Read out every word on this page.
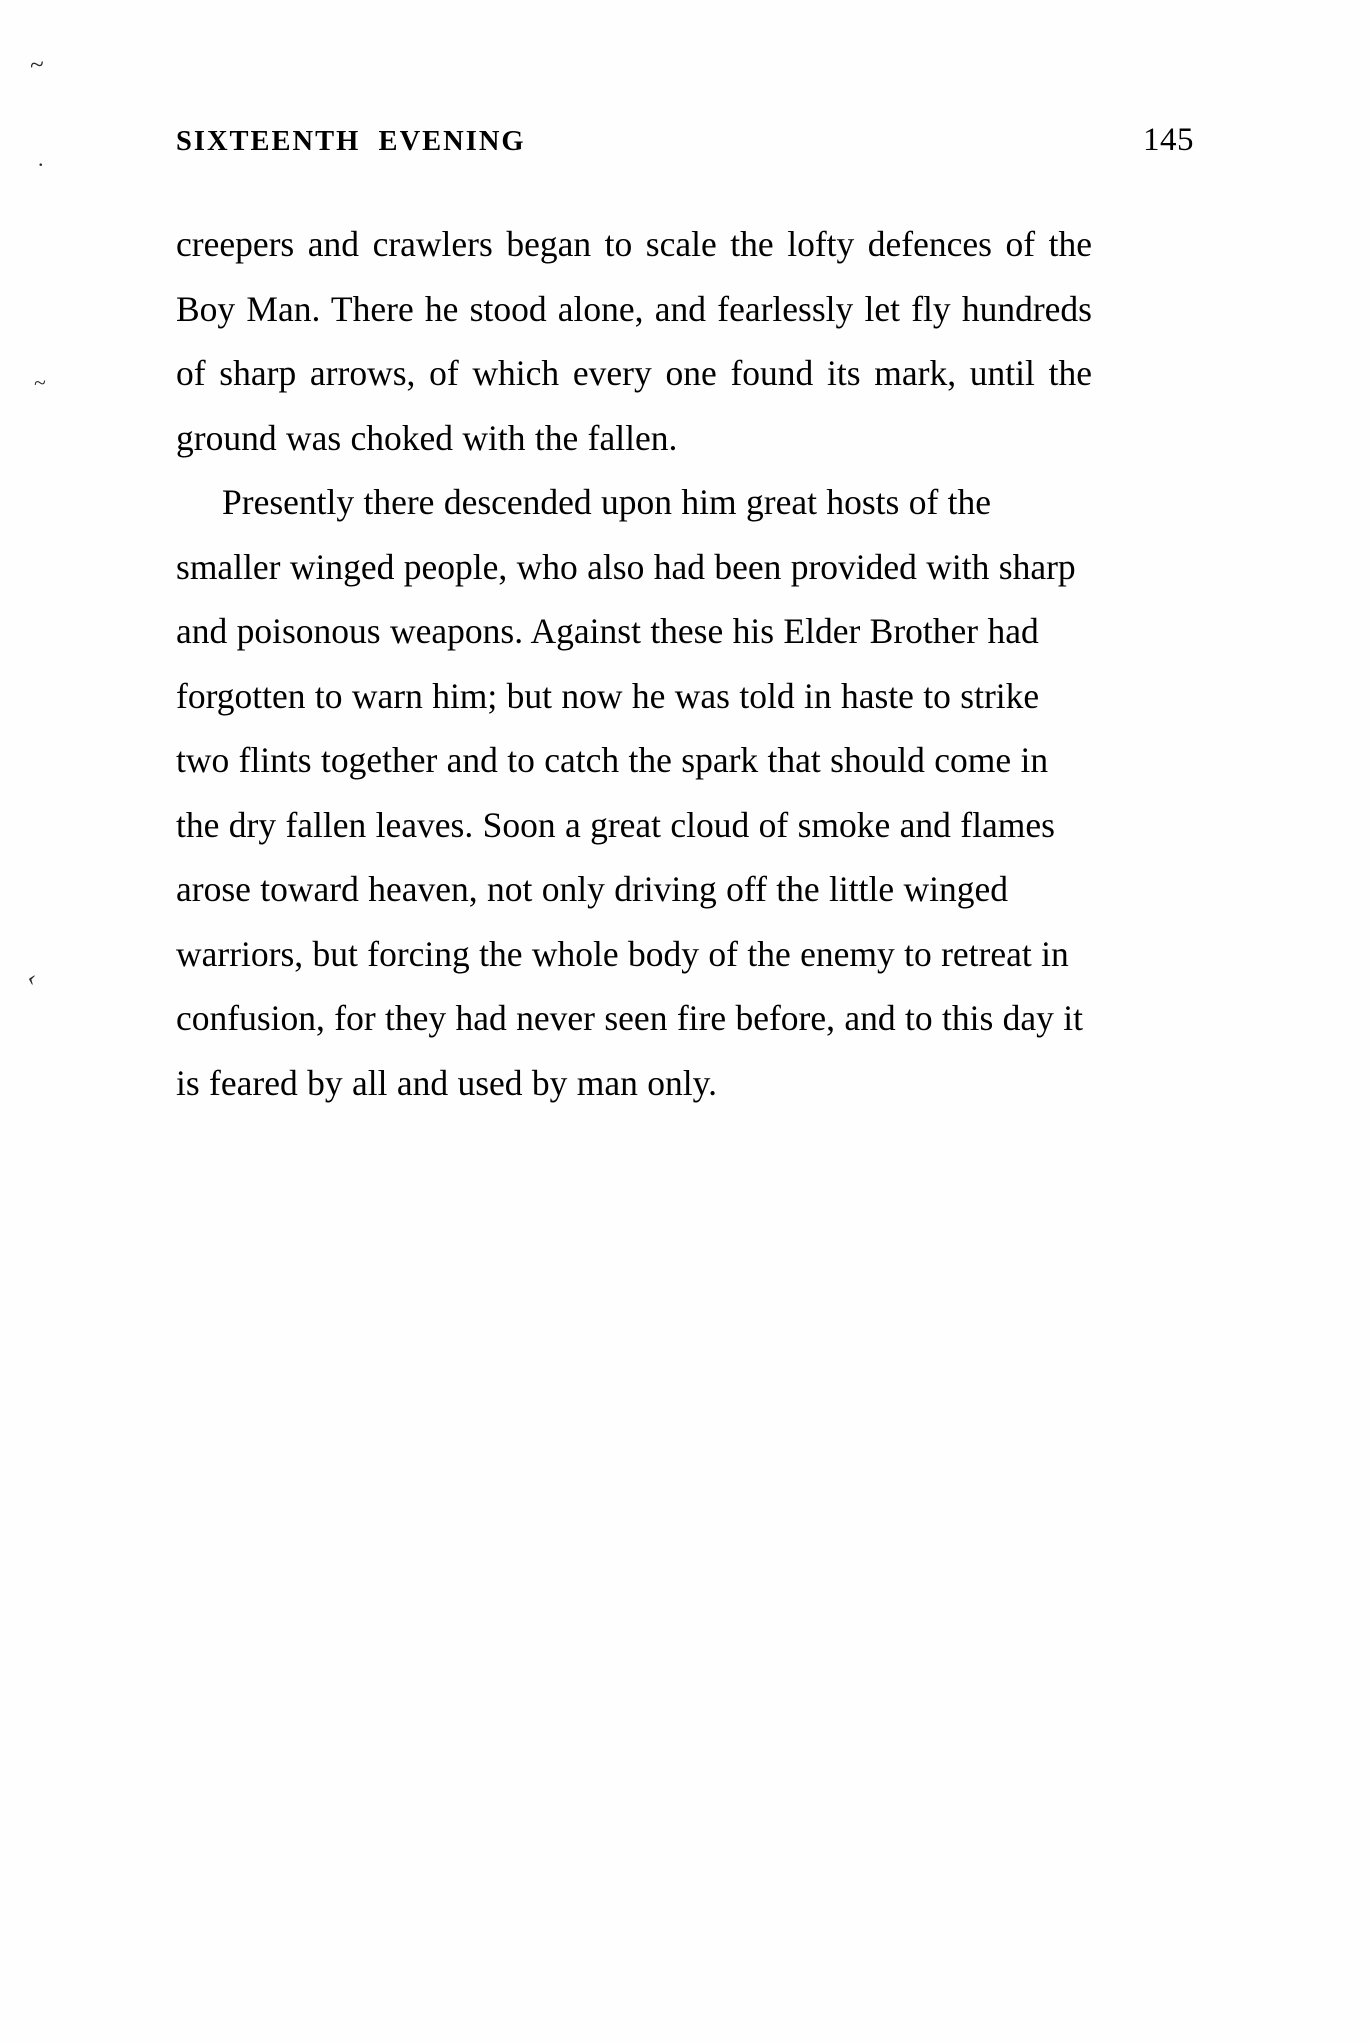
~
.
~
‹
SIXTEENTH  EVENING	145

creepers and crawlers began to scale the lofty defences of the Boy Man. There he stood alone, and fearlessly let fly hundreds of sharp arrows, of which every one found its mark, until the ground was choked with the fallen.

Presently there descended upon him great hosts of the smaller winged people, who also had been provided with sharp and poisonous weapons. Against these his Elder Brother had forgotten to warn him; but now he was told in haste to strike two flints together and to catch the spark that should come in the dry fallen leaves. Soon a great cloud of smoke and flames arose toward heaven, not only driving off the little winged warriors, but forcing the whole body of the enemy to retreat in confusion, for they had never seen fire before, and to this day it is feared by all and used by man only.
